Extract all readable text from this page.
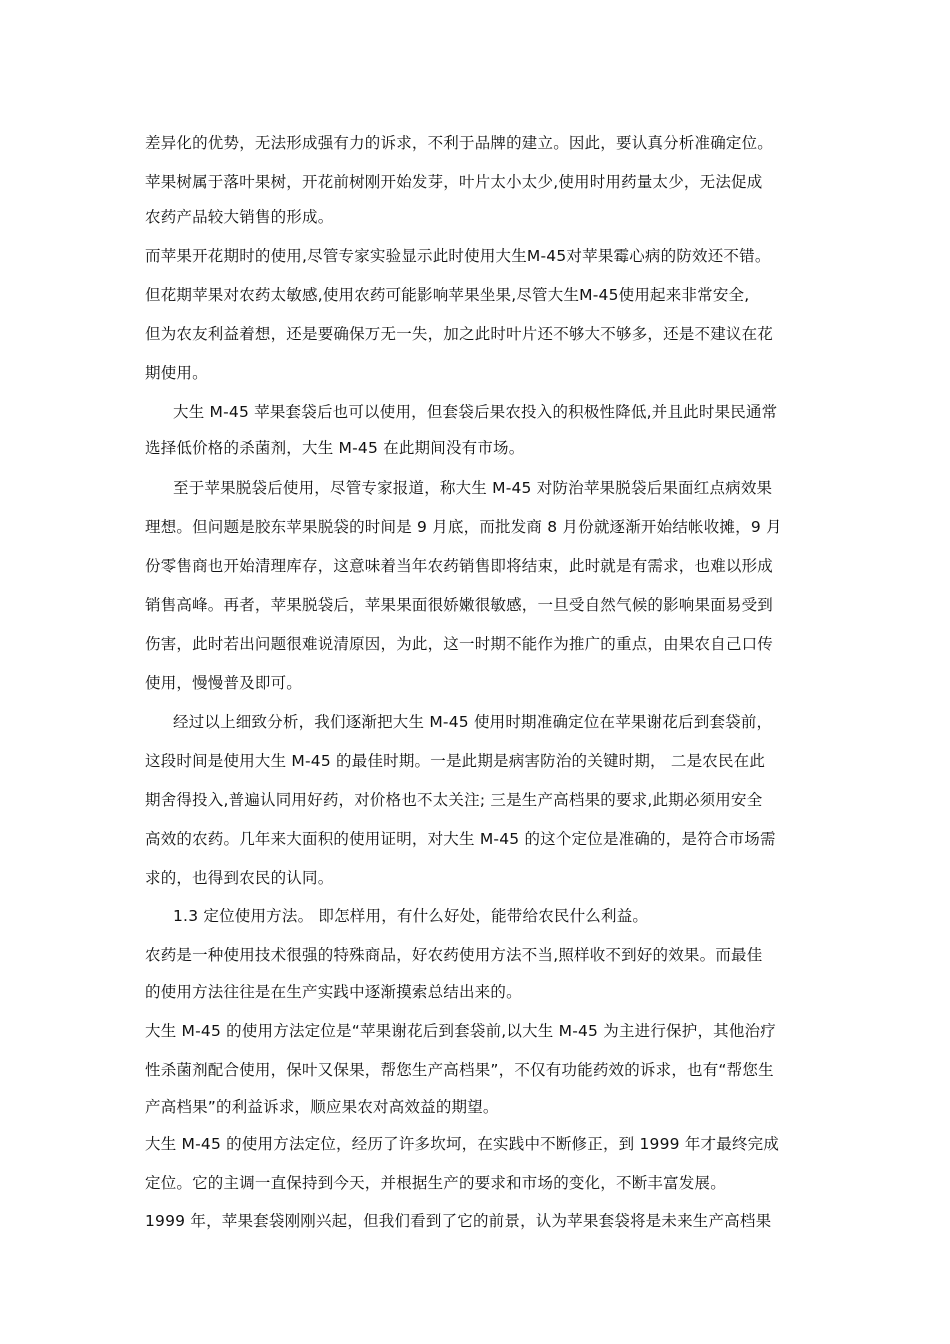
差异化的优势，无法形成强有力的诉求，不利于品牌的建立。因此，要认真分析准确定位。
苹果树属于落叶果树，开花前树刚开始发芽，叶片太小太少,使用时用药量太少，无法促成
农药产品较大销售的形成。
而苹果开花期时的使用,尽管专家实验显示此时使用大生M-45对苹果霉心病的防效还不错。
但花期苹果对农药太敏感,使用农药可能影响苹果坐果,尽管大生M-45使用起来非常安全,
但为农友利益着想，还是要确保万无一失，加之此时叶片还不够大不够多，还是不建议在花
期使用。
大生 M-45 苹果套袋后也可以使用，但套袋后果农投入的积极性降低,并且此时果民通常
选择低价格的杀菌剂，大生 M-45 在此期间没有市场。
至于苹果脱袋后使用，尽管专家报道，称大生 M-45 对防治苹果脱袋后果面红点病效果
理想。但问题是胶东苹果脱袋的时间是 9 月底，而批发商 8 月份就逐渐开始结帐收摊，9 月
份零售商也开始清理库存，这意味着当年农药销售即将结束，此时就是有需求，也难以形成
销售高峰。再者，苹果脱袋后，苹果果面很娇嫩很敏感，一旦受自然气候的影响果面易受到
伤害，此时若出问题很难说清原因，为此，这一时期不能作为推广的重点，由果农自己口传
使用，慢慢普及即可。
经过以上细致分析，我们逐渐把大生 M-45 使用时期准确定位在苹果谢花后到套袋前，
这段时间是使用大生 M-45 的最佳时期。一是此期是病害防治的关键时期， 二是农民在此
期舍得投入,普遍认同用好药，对价格也不太关注; 三是生产高档果的要求,此期必须用安全
高效的农药。几年来大面积的使用证明，对大生 M-45 的这个定位是准确的，是符合市场需
求的，也得到农民的认同。
1.3 定位使用方法。 即怎样用，有什么好处，能带给农民什么利益。
农药是一种使用技术很强的特殊商品，好农药使用方法不当,照样收不到好的效果。而最佳
的使用方法往往是在生产实践中逐渐摸索总结出来的。
大生 M-45 的使用方法定位是“苹果谢花后到套袋前,以大生 M-45 为主进行保护，其他治疗
性杀菌剂配合使用，保叶又保果，帮您生产高档果”，不仅有功能药效的诉求，也有“帮您生
产高档果”的利益诉求，顺应果农对高效益的期望。
大生 M-45 的使用方法定位，经历了许多坎坷，在实践中不断修正，到 1999 年才最终完成
定位。它的主调一直保持到今天，并根据生产的要求和市场的变化，不断丰富发展。
1999 年，苹果套袋刚刚兴起，但我们看到了它的前景，认为苹果套袋将是未来生产高档果
